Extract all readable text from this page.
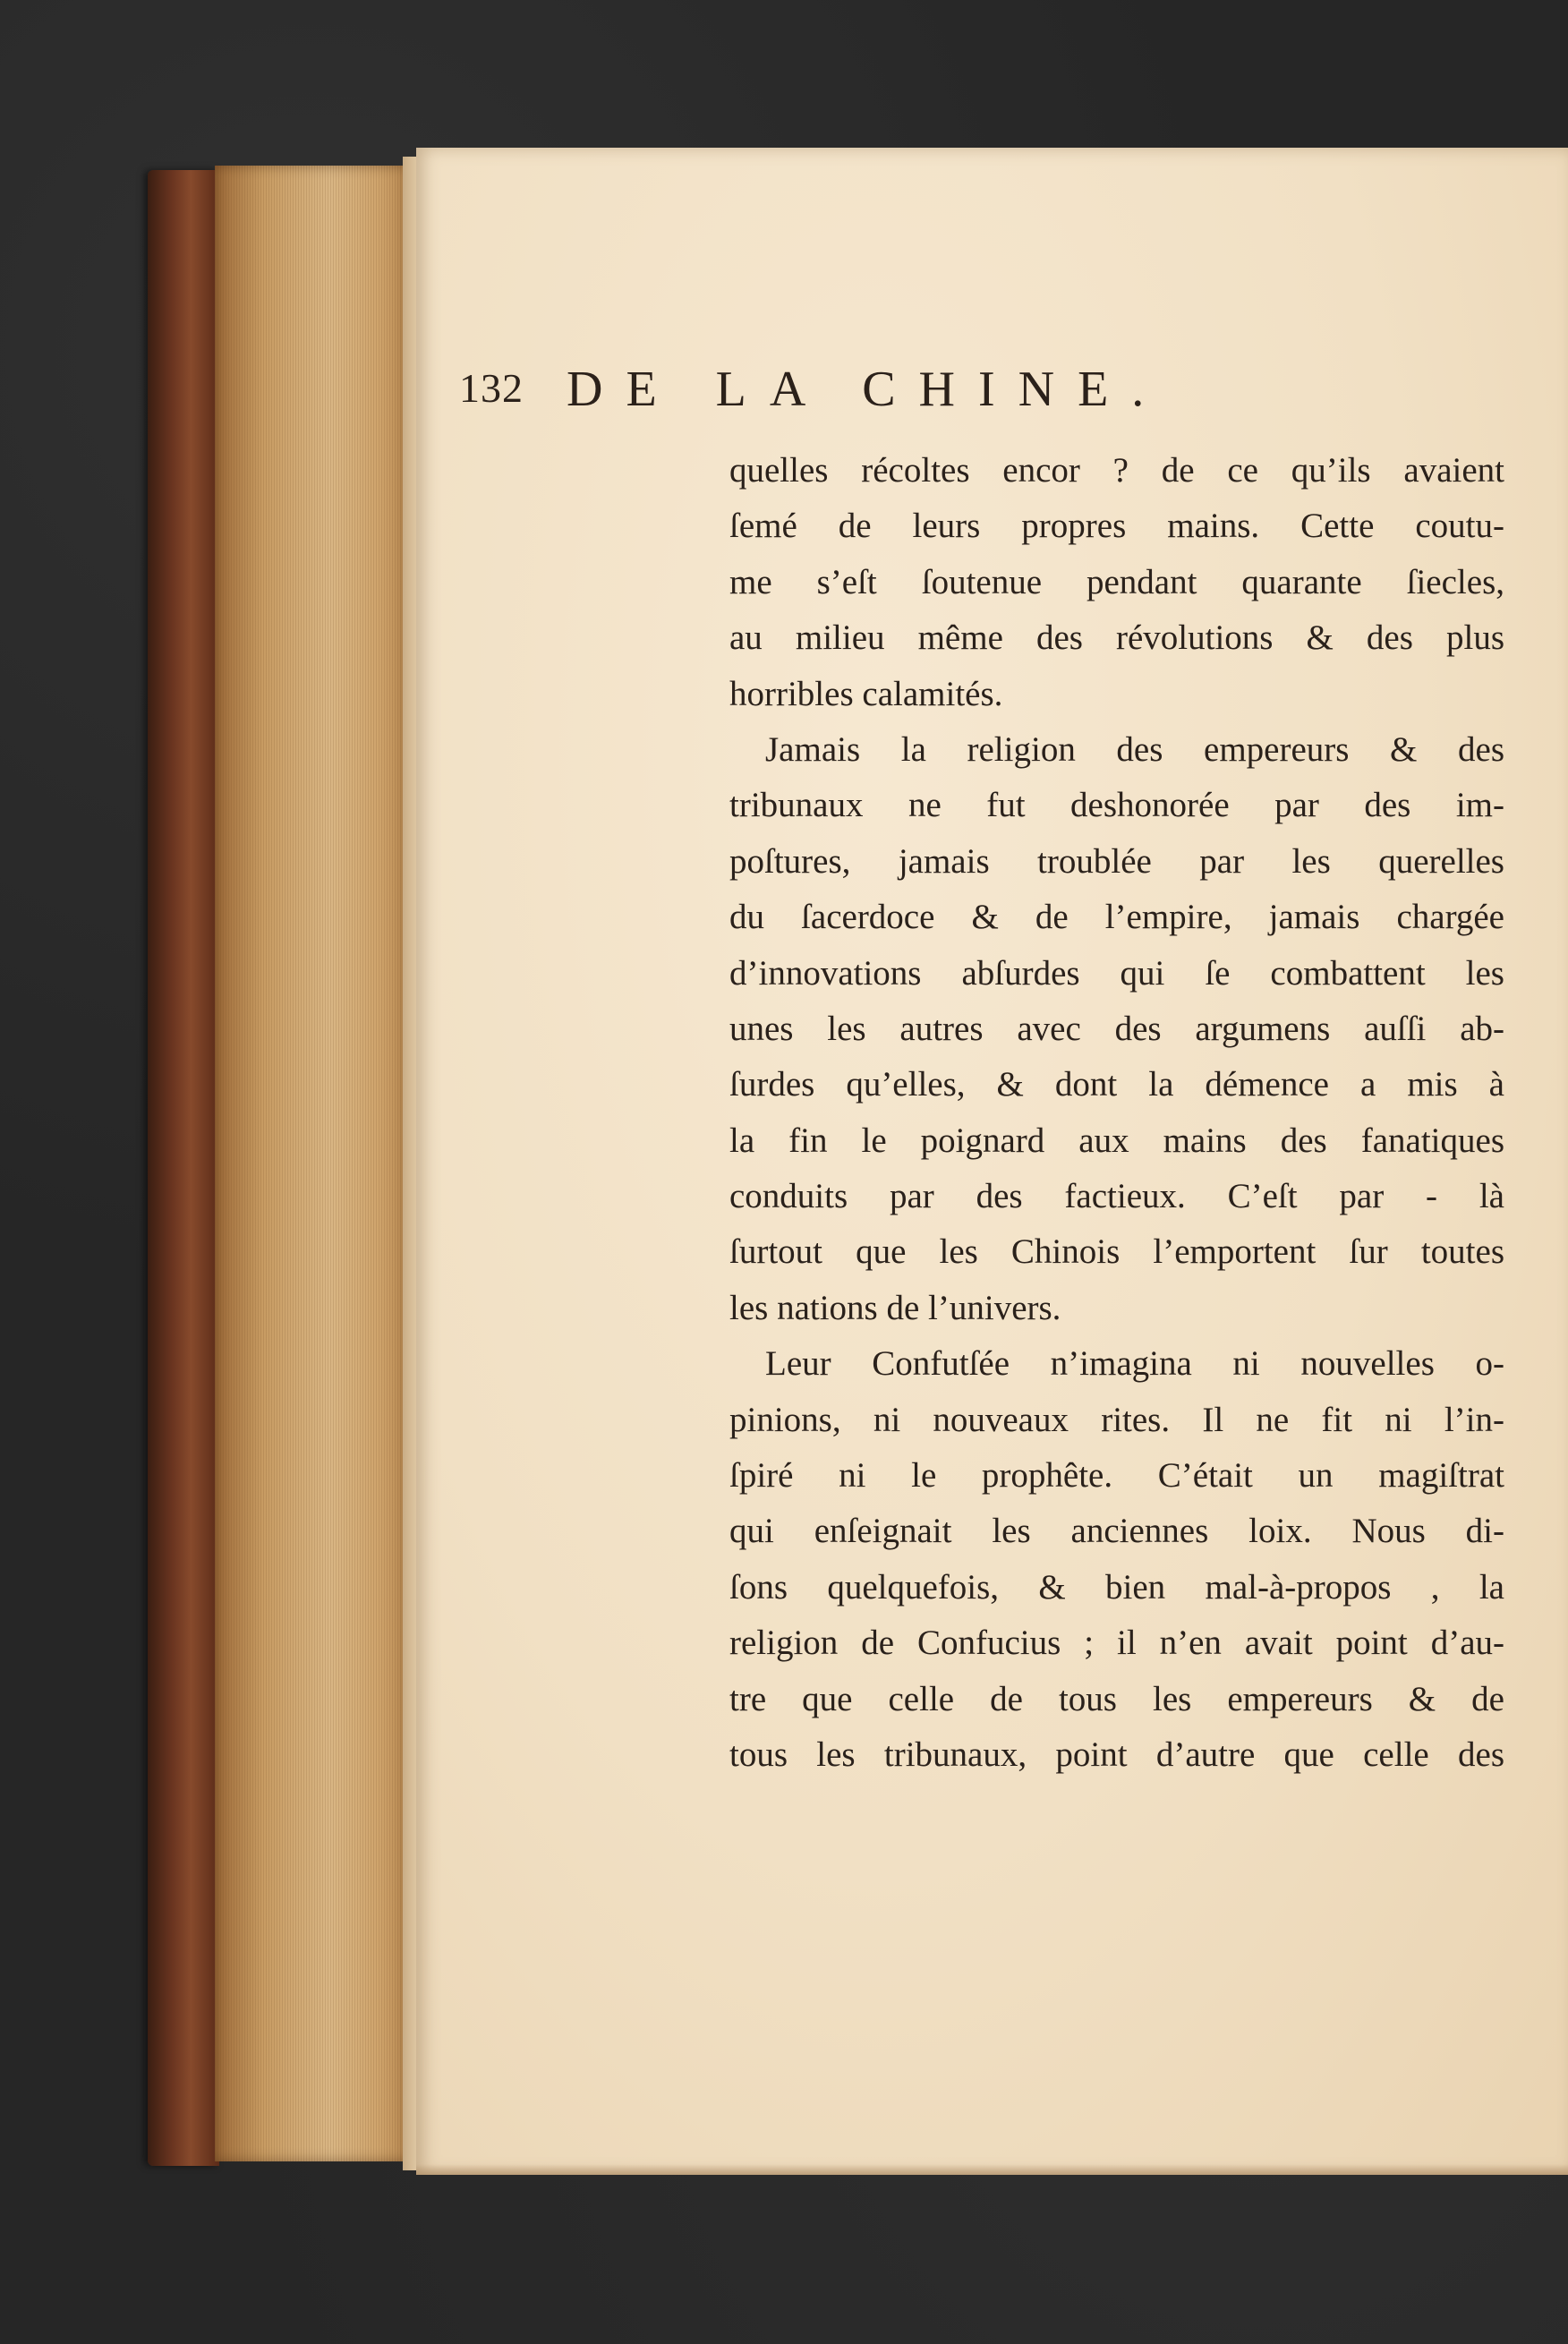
132 DE LA CHINE.
quelles récoltes encor ? de ce qu’ils avaient
ſemé de leurs propres mains. Cette coutu-
me s’eſt ſoutenue pendant quarante ſiecles,
au milieu même des révolutions & des plus
horribles calamités.
Jamais la religion des empereurs & des
tribunaux ne fut deshonorée par des im-
poſtures, jamais troublée par les querelles
du ſacerdoce & de l’empire, jamais chargée
d’innovations abſurdes qui ſe combattent les
unes les autres avec des argumens auſſi ab-
ſurdes qu’elles, & dont la démence a mis à
la fin le poignard aux mains des fanatiques
conduits par des factieux. C’eſt par - là
ſurtout que les Chinois l’emportent ſur toutes
les nations de l’univers.
Leur Confutſée n’imagina ni nouvelles o-
pinions, ni nouveaux rites. Il ne fit ni l’in-
ſpiré ni le prophête. C’était un magiſtrat
qui enſeignait les anciennes loix. Nous di-
ſons quelquefois, & bien mal-à-propos , la
religion de Confucius ; il n’en avait point d’au-
tre que celle de tous les empereurs & de
tous les tribunaux, point d’autre que celle des
